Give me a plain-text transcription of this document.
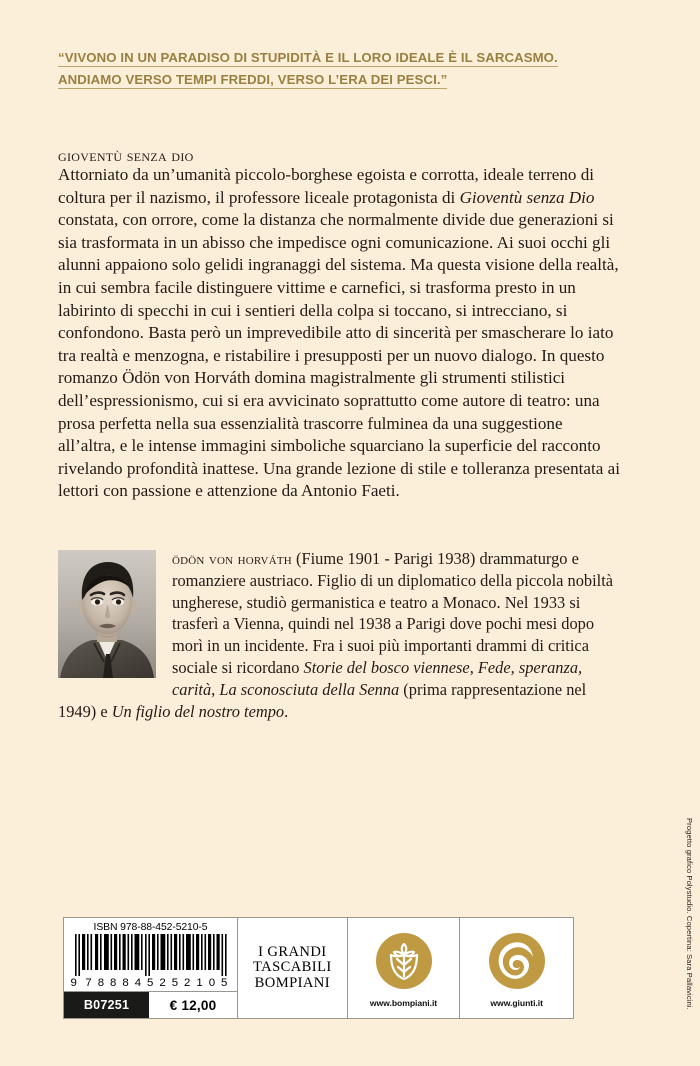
“VIVONO IN UN PARADISO DI STUPIDITÀ E IL LORO IDEALE È IL SARCASMO.
ANDIAMO VERSO TEMPI FREDDI, VERSO L’ERA DEI PESCI.”
gioventù senza dio
Attorniato da un’umanità piccolo-borghese egoista e corrotta, ideale terreno di coltura per il nazismo, il professore liceale protagonista di Gioventù senza Dio constata, con orrore, come la distanza che normalmente divide due generazioni si sia trasformata in un abisso che impedisce ogni comunicazione. Ai suoi occhi gli alunni appaiono solo gelidi ingranaggi del sistema. Ma questa visione della realtà, in cui sembra facile distinguere vittime e carnefici, si trasforma presto in un labirinto di specchi in cui i sentieri della colpa si toccano, si intrecciano, si confondono. Basta però un imprevedibile atto di sincerità per smascherare lo iato tra realtà e menzogna, e ristabilire i presupposti per un nuovo dialogo. In questo romanzo Ödön von Horváth domina magistralmente gli strumenti stilistici dell’espressionismo, cui si era avvicinato soprattutto come autore di teatro: una prosa perfetta nella sua essenzialità trascorre fulminea da una suggestione all’altra, e le intense immagini simboliche squarciano la superficie del racconto rivelando profondità inattese. Una grande lezione di stile e tolleranza presentata ai lettori con passione e attenzione da Antonio Faeti.
ödön von horváth (Fiume 1901 - Parigi 1938) drammaturgo e romanziere austriaco. Figlio di un diplomatico della piccola nobiltà ungherese, studiò germanistica e teatro a Monaco. Nel 1933 si trasferì a Vienna, quindi nel 1938 a Parigi dove pochi mesi dopo morì in un incidente. Fra i suoi più importanti drammi di critica sociale si ricordano Storie del bosco viennese, Fede, speranza, carità, La sconosciuta della Senna (prima rappresentazione nel 1949) e Un figlio del nostro tempo.
Progetto grafico Polystudio. Copertina: Sara Pallavicini.
ISBN 978-88-452-5210-5
9 7 8 8 8 4 5 2 5 2 1 0 5
B07251	€ 12,00
I GRANDI
TASCABILI
BOMPIANI
www.bompiani.it	www.giunti.it
